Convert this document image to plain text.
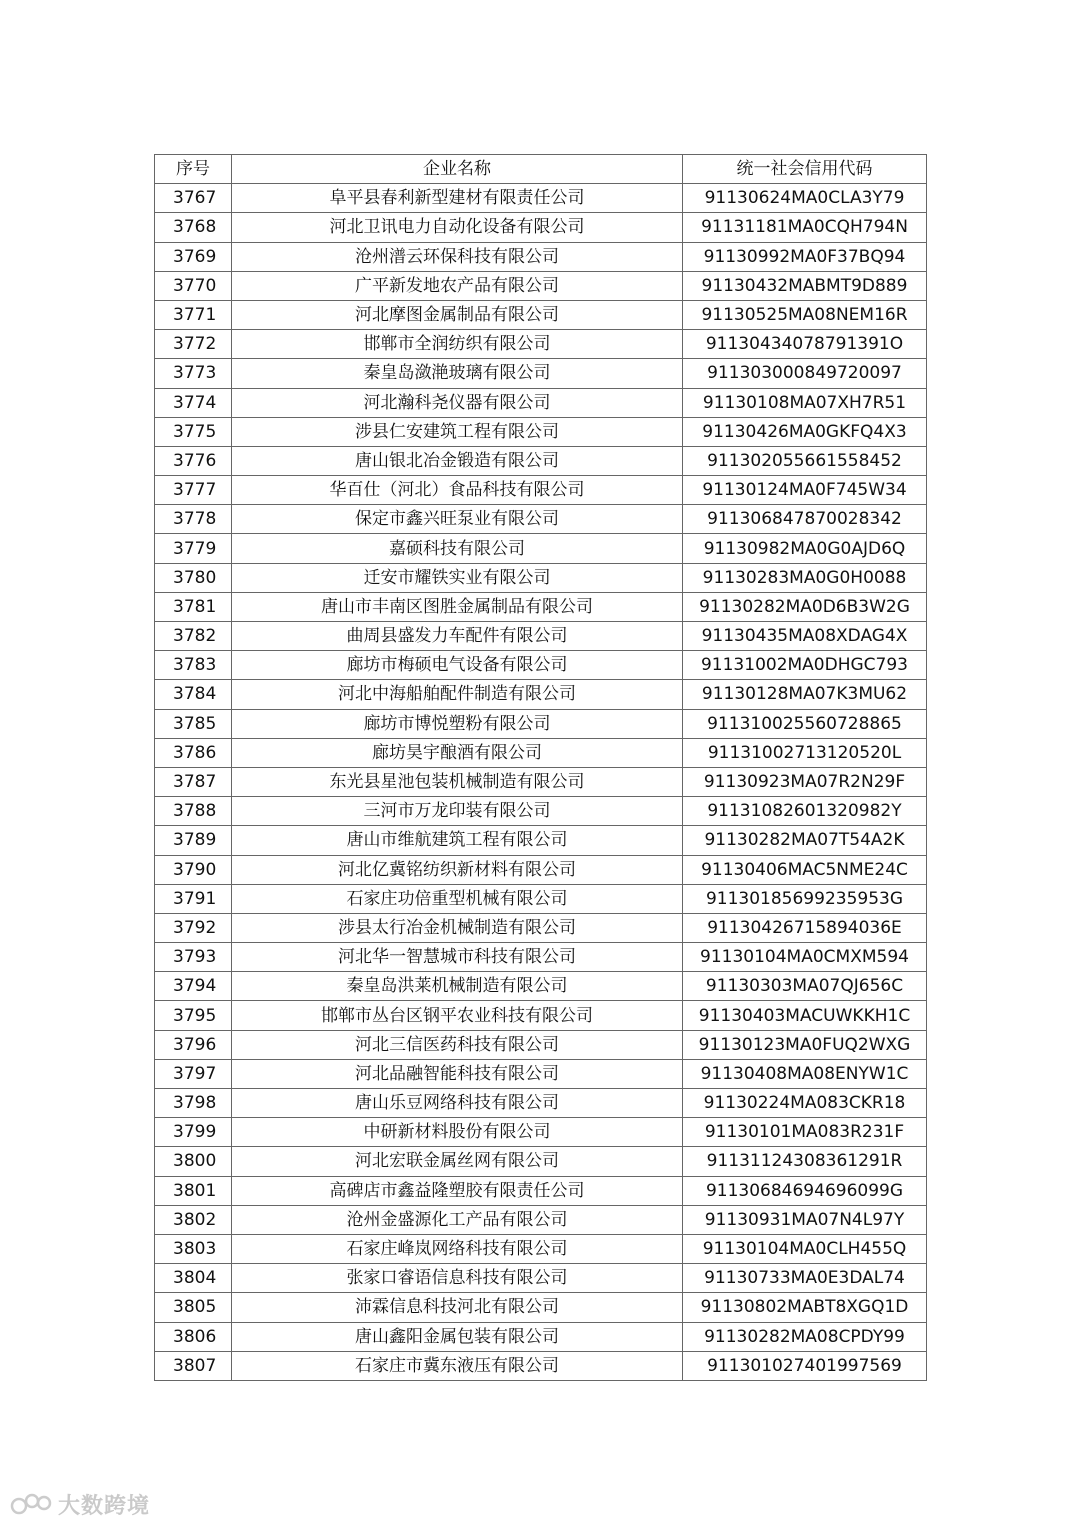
序号	企业名称	统一社会信用代码
3767	阜平县春利新型建材有限责任公司	91130624MA0CLA3Y79
3768	河北卫讯电力自动化设备有限公司	91131181MA0CQH794N
3769	沧州潽云环保科技有限公司	91130992MA0F37BQ94
3770	广平新发地农产品有限公司	91130432MABMT9D889
3771	河北摩图金属制品有限公司	91130525MA08NEM16R
3772	邯郸市全润纺织有限公司	91130434078791391O
3773	秦皇岛潋滟玻璃有限公司	911303000849720097
3774	河北瀚科尧仪器有限公司	91130108MA07XH7R51
3775	涉县仁安建筑工程有限公司	91130426MA0GKFQ4X3
3776	唐山银北冶金锻造有限公司	911302055661558452
3777	华百仕（河北）食品科技有限公司	91130124MA0F745W34
3778	保定市鑫兴旺泵业有限公司	911306847870028342
3779	嘉硕科技有限公司	91130982MA0G0AJD6Q
3780	迁安市耀铁实业有限公司	91130283MA0G0H0088
3781	唐山市丰南区图胜金属制品有限公司	91130282MA0D6B3W2G
3782	曲周县盛发力车配件有限公司	91130435MA08XDAG4X
3783	廊坊市梅硕电气设备有限公司	91131002MA0DHGC793
3784	河北中海船舶配件制造有限公司	91130128MA07K3MU62
3785	廊坊市博悦塑粉有限公司	911310025560728865
3786	廊坊昊宇酿酒有限公司	91131002713120520L
3787	东光县星池包装机械制造有限公司	91130923MA07R2N29F
3788	三河市万龙印装有限公司	91131082601320982Y
3789	唐山市维航建筑工程有限公司	91130282MA07T54A2K
3790	河北亿冀铭纺织新材料有限公司	91130406MAC5NME24C
3791	石家庄功倍重型机械有限公司	91130185699235953G
3792	涉县太行冶金机械制造有限公司	91130426715894036E
3793	河北华一智慧城市科技有限公司	91130104MA0CMXM594
3794	秦皇岛洪莱机械制造有限公司	91130303MA07QJ656C
3795	邯郸市丛台区钢平农业科技有限公司	91130403MACUWKKH1C
3796	河北三信医药科技有限公司	91130123MA0FUQ2WXG
3797	河北品融智能科技有限公司	91130408MA08ENYW1C
3798	唐山乐豆网络科技有限公司	91130224MA083CKR18
3799	中研新材料股份有限公司	91130101MA083R231F
3800	河北宏联金属丝网有限公司	91131124308361291R
3801	高碑店市鑫益隆塑胶有限责任公司	91130684694696099G
3802	沧州金盛源化工产品有限公司	91130931MA07N4L97Y
3803	石家庄峰岚网络科技有限公司	91130104MA0CLH455Q
3804	张家口睿语信息科技有限公司	91130733MA0E3DAL74
3805	沛霖信息科技河北有限公司	91130802MABT8XGQ1D
3806	唐山鑫阳金属包装有限公司	91130282MA08CPDY99
3807	石家庄市冀东液压有限公司	911301027401997569
大数跨境
